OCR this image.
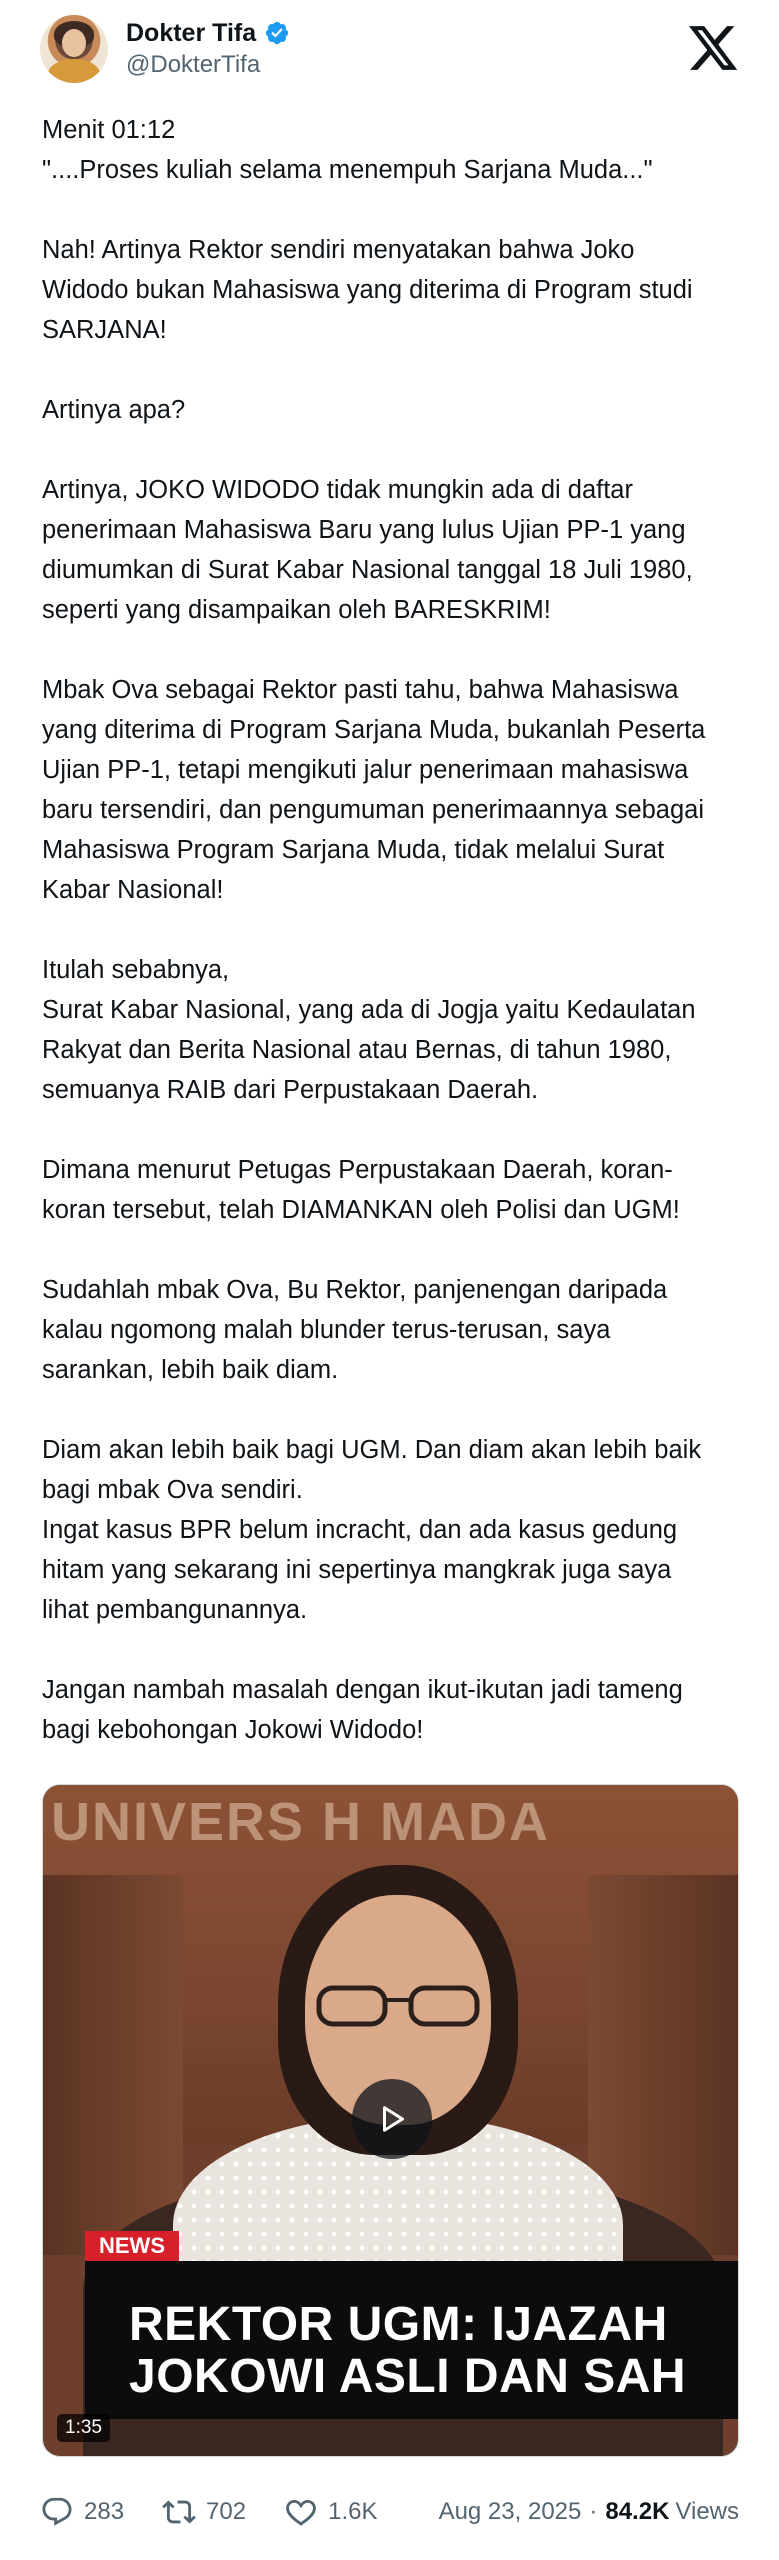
Dokter Tifa
@DokterTifa
Menit 01:12
"....Proses kuliah selama menempuh Sarjana Muda..."
Nah! Artinya Rektor sendiri menyatakan bahwa Joko
Widodo bukan Mahasiswa yang diterima di Program studi
SARJANA!
Artinya apa?
Artinya, JOKO WIDODO tidak mungkin ada di daftar
penerimaan Mahasiswa Baru yang lulus Ujian PP-1 yang
diumumkan di Surat Kabar Nasional tanggal 18 Juli 1980,
seperti yang disampaikan oleh BARESKRIM!
Mbak Ova sebagai Rektor pasti tahu, bahwa Mahasiswa
yang diterima di Program Sarjana Muda, bukanlah Peserta
Ujian PP-1, tetapi mengikuti jalur penerimaan mahasiswa
baru tersendiri, dan pengumuman penerimaannya sebagai
Mahasiswa Program Sarjana Muda, tidak melalui Surat
Kabar Nasional!
Itulah sebabnya,
Surat Kabar Nasional, yang ada di Jogja yaitu Kedaulatan
Rakyat dan Berita Nasional atau Bernas, di tahun 1980,
semuanya RAIB dari Perpustakaan Daerah.
Dimana menurut Petugas Perpustakaan Daerah, koran-
koran tersebut, telah DIAMANKAN oleh Polisi dan UGM!
Sudahlah mbak Ova, Bu Rektor, panjenengan daripada
kalau ngomong malah blunder terus-terusan, saya
sarankan, lebih baik diam.
Diam akan lebih baik bagi UGM. Dan diam akan lebih baik
bagi mbak Ova sendiri.
Ingat kasus BPR belum incracht, dan ada kasus gedung
hitam yang sekarang ini sepertinya mangkrak juga saya
lihat pembangunannya.
Jangan nambah masalah dengan ikut-ikutan jadi tameng
bagi kebohongan Jokowi Widodo!
UNIVERS H MADA
NEWS
REKTOR UGM: IJAZAH
JOKOWI ASLI DAN SAH
1:35
283	702	1.6K	Aug 23, 2025 · 84.2K Views
